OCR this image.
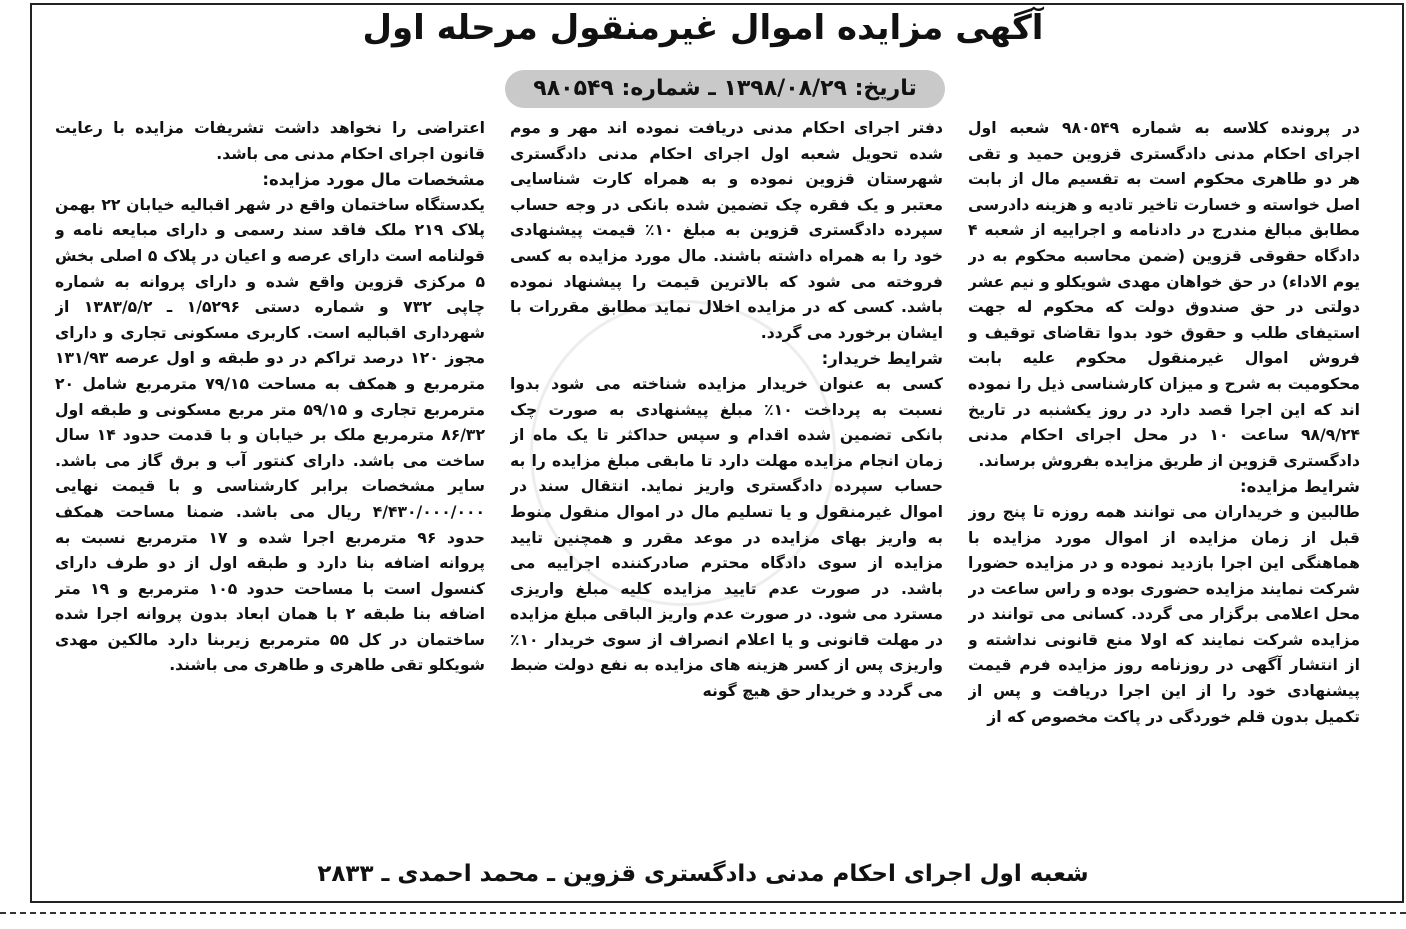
آگهی مزایده اموال غیرمنقول مرحله اول
تاریخ: ۱۳۹۸/۰۸/۲۹ ـ شماره: ۹۸۰۵۴۹

در پرونده کلاسه به شماره ۹۸۰۵۴۹ شعبه اول اجرای احکام مدنی دادگستری قزوین حمید و تقی هر دو طاهری محکوم است به تقسیم مال از بابت اصل خواسته و خسارت تاخیر تادیه و هزینه دادرسی مطابق مبالغ مندرج در دادنامه و اجراییه از شعبه ۴ دادگاه حقوقی قزوین (ضمن محاسبه محکوم به در یوم الاداء) در حق خواهان مهدی شویکلو و نیم عشر دولتی در حق صندوق دولت که محکوم له جهت استیفای طلب و حقوق خود بدوا تقاضای توقیف و فروش اموال غیرمنقول محکوم علیه بابت محکومیت به شرح و میزان کارشناسی ذیل را نموده اند که این اجرا قصد دارد در روز یکشنبه در تاریخ ۹۸/۹/۲۴ ساعت ۱۰ در محل اجرای احکام مدنی دادگستری قزوین از طریق مزایده بفروش برساند.

شرایط مزایده:

طالبین و خریداران می توانند همه روزه تا پنج روز قبل از زمان مزایده از اموال مورد مزایده با هماهنگی این اجرا بازدید نموده و در مزایده حضورا شرکت نمایند مزایده حضوری بوده و راس ساعت در محل اعلامی برگزار می گردد. کسانی می توانند در مزایده شرکت نمایند که اولا منع قانونی نداشته و از انتشار آگهی در روزنامه روز مزایده فرم قیمت پیشنهادی خود را از این اجرا دریافت و پس از تکمیل بدون قلم خوردگی در پاکت مخصوص که از

دفتر اجرای احکام مدنی دریافت نموده اند مهر و موم شده تحویل شعبه اول اجرای احکام مدنی دادگستری شهرستان قزوین نموده و به همراه کارت شناسایی معتبر و یک فقره چک تضمین شده بانکی در وجه حساب سپرده دادگستری قزوین به مبلغ ۱۰٪ قیمت پیشنهادی خود را به همراه داشته باشند. مال مورد مزایده به کسی فروخته می شود که بالاترین قیمت را پیشنهاد نموده باشد. کسی که در مزایده اخلال نماید مطابق مقررات با ایشان برخورد می گردد.

شرایط خریدار:

کسی به عنوان خریدار مزایده شناخته می شود بدوا نسبت به پرداخت ۱۰٪ مبلغ پیشنهادی به صورت چک بانکی تضمین شده اقدام و سپس حداکثر تا یک ماه از زمان انجام مزایده مهلت دارد تا مابقی مبلغ مزایده را به حساب سپرده دادگستری واریز نماید. انتقال سند در اموال غیرمنقول و یا تسلیم مال در اموال منقول منوط به واریز بهای مزایده در موعد مقرر و همچنین تایید مزایده از سوی دادگاه محترم صادرکننده اجراییه می باشد. در صورت عدم تایید مزایده کلیه مبلغ واریزی مسترد می شود. در صورت عدم واریز الباقی مبلغ مزایده در مهلت قانونی و یا اعلام انصراف از سوی خریدار ۱۰٪ واریزی پس از کسر هزینه های مزایده به نفع دولت ضبط می گردد و خریدار حق هیچ گونه

اعتراضی را نخواهد داشت تشریفات مزایده با رعایت قانون اجرای احکام مدنی می باشد.

مشخصات مال مورد مزایده:

یکدستگاه ساختمان واقع در شهر اقبالیه خیابان ۲۲ بهمن پلاک ۲۱۹ ملک فاقد سند رسمی و دارای مبایعه نامه و قولنامه است دارای عرصه و اعیان در پلاک ۵ اصلی بخش ۵ مرکزی قزوین واقع شده و دارای پروانه به شماره چاپی ۷۳۲ و شماره دستی ۱/۵۲۹۶ ـ ۱۳۸۳/۵/۲ از شهرداری اقبالیه است. کاربری مسکونی تجاری و دارای مجوز ۱۲۰ درصد تراکم در دو طبقه و اول عرصه ۱۳۱/۹۳ مترمربع و همکف به مساحت ۷۹/۱۵ مترمربع شامل ۲۰ مترمربع تجاری و ۵۹/۱۵ متر مربع مسکونی و طبقه اول ۸۶/۳۲ مترمربع ملک بر خیابان و با قدمت حدود ۱۴ سال ساخت می باشد. دارای کنتور آب و برق گاز می باشد. سایر مشخصات برابر کارشناسی و با قیمت نهایی ۴/۴۳۰/۰۰۰/۰۰۰ ریال می باشد. ضمنا مساحت همکف حدود ۹۶ مترمربع اجرا شده و ۱۷ مترمربع نسبت به پروانه اضافه بنا دارد و طبقه اول از دو طرف دارای کنسول است با مساحت حدود ۱۰۵ مترمربع و ۱۹ متر اضافه بنا طبقه ۲ با همان ابعاد بدون پروانه اجرا شده ساختمان در کل ۵۵ مترمربع زیربنا دارد مالکین مهدی شویکلو تقی طاهری و طاهری می باشند.

شعبه اول اجرای احکام مدنی دادگستری قزوین ـ محمد احمدی ـ ۲۸۳۳
